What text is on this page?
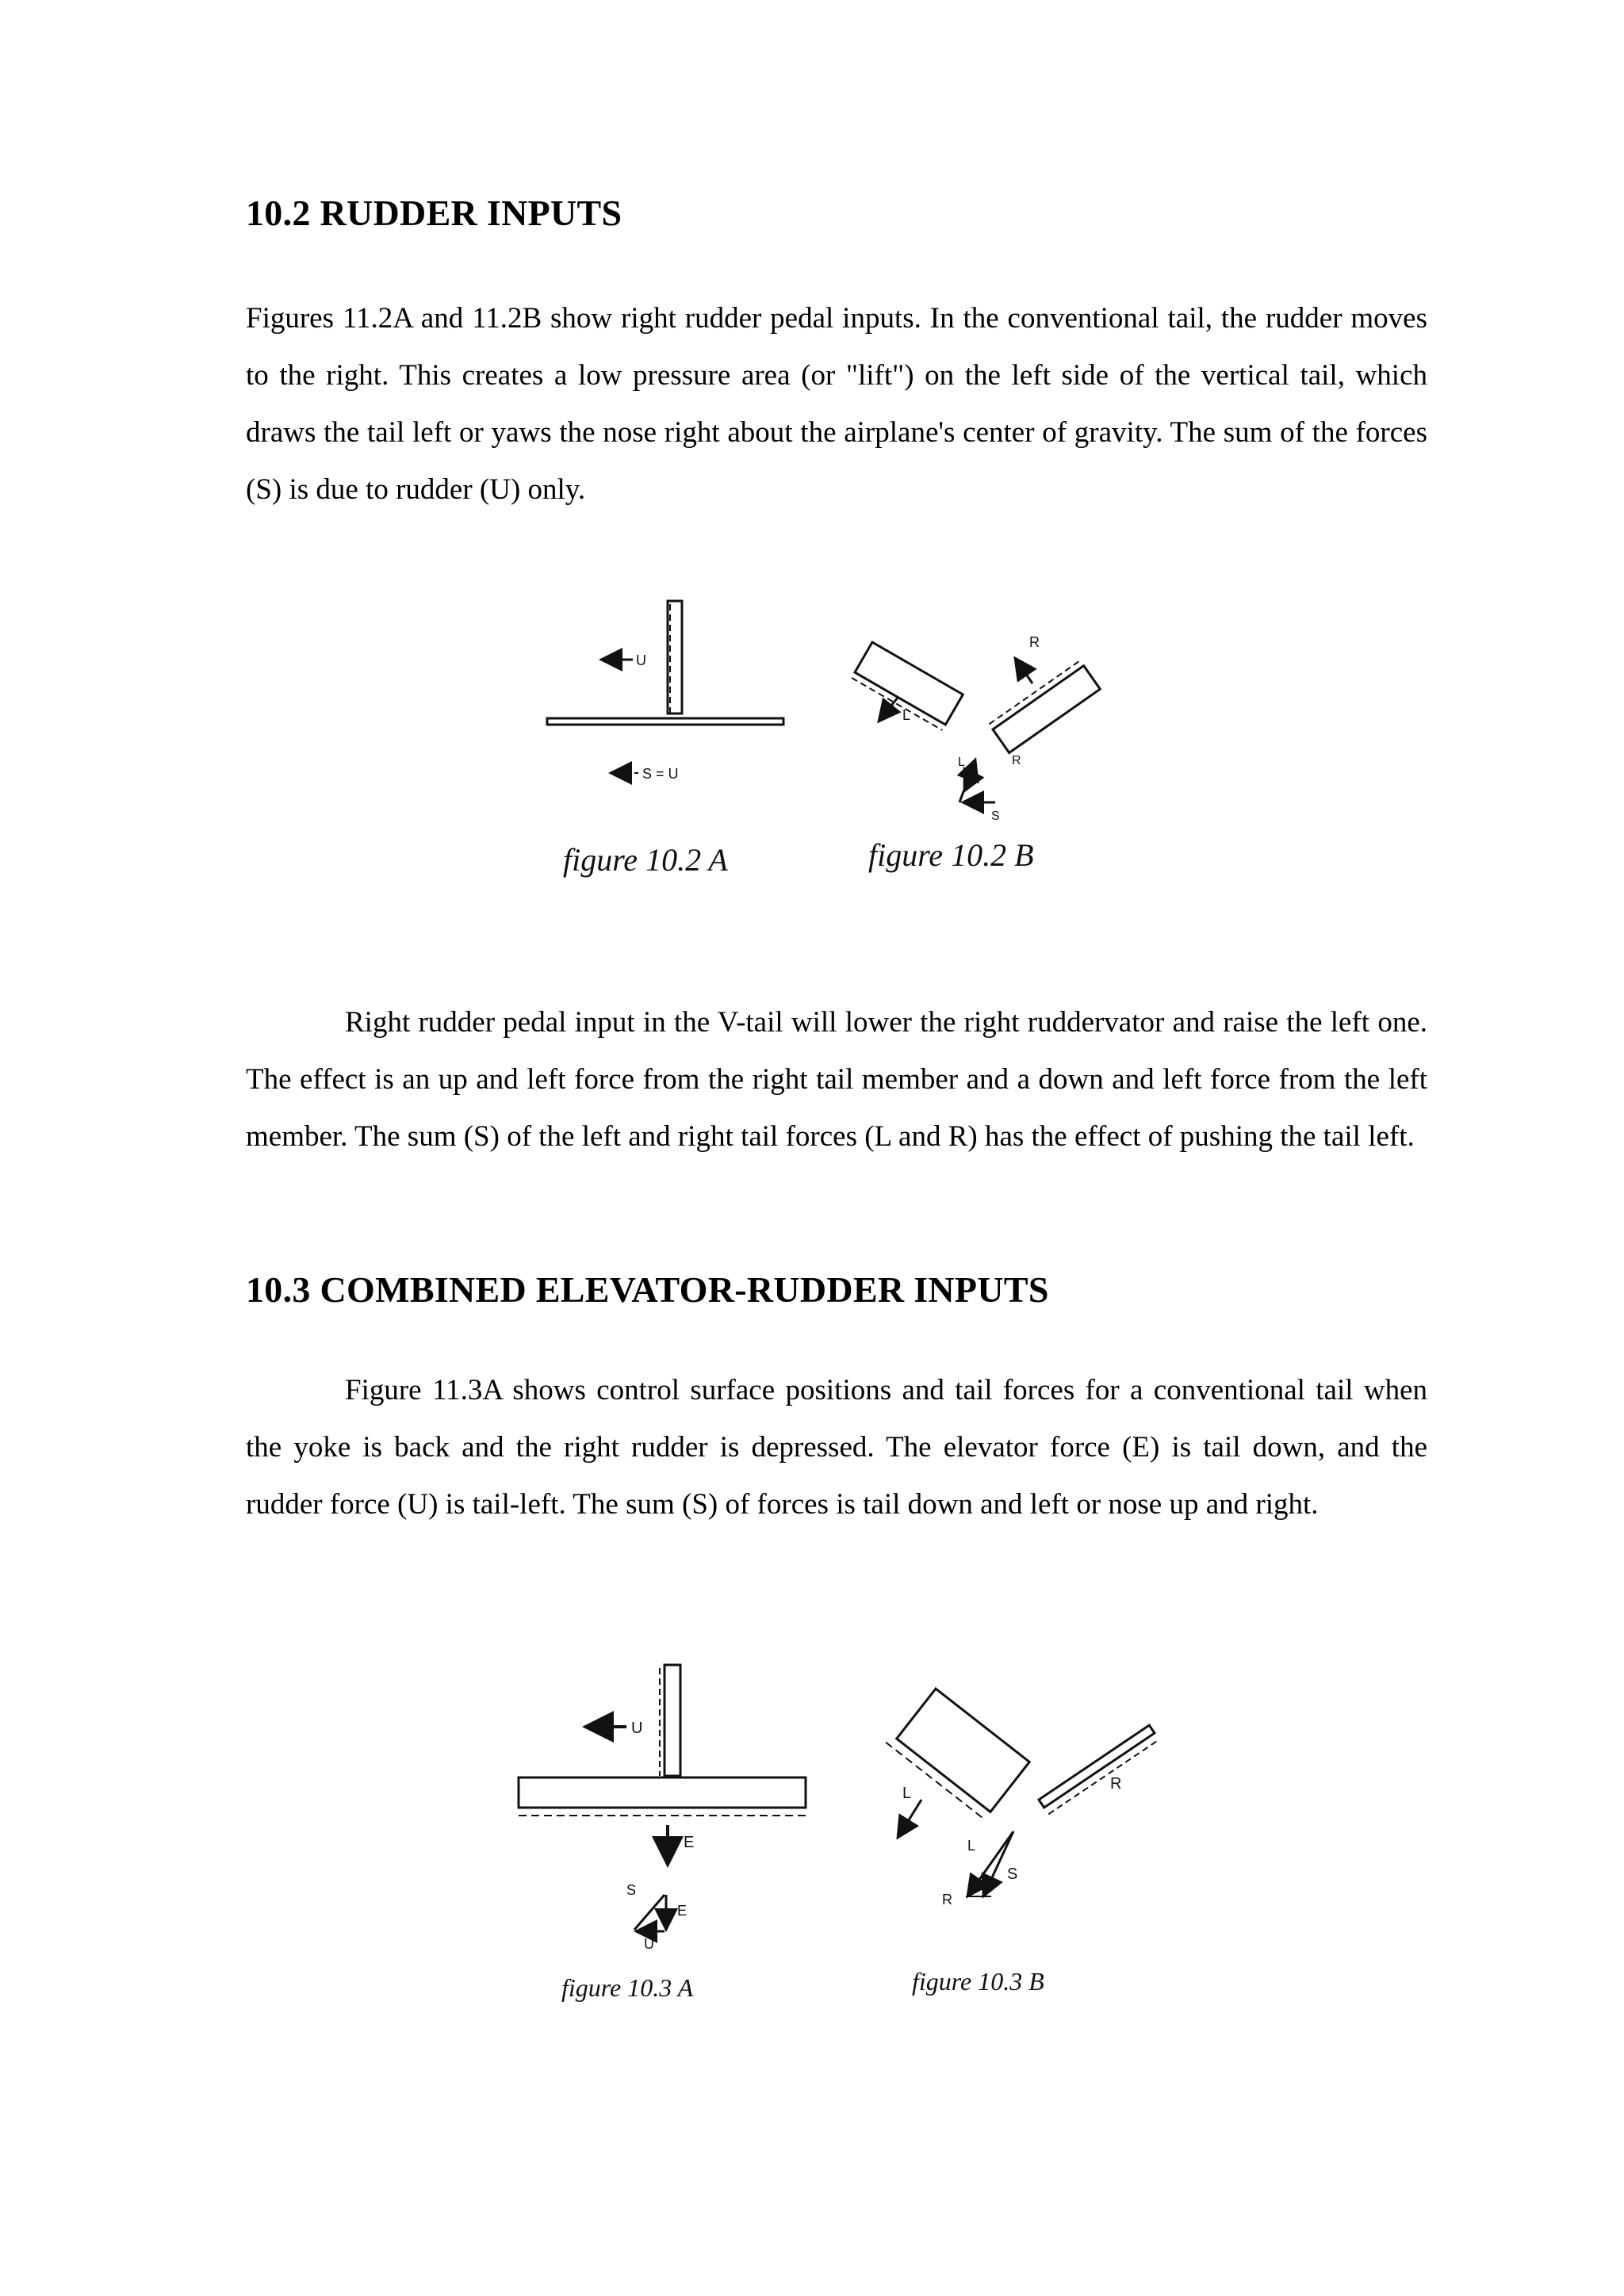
10.2 RUDDER INPUTS

Figures 11.2A and 11.2B show right rudder pedal inputs. In the conventional tail, the rudder moves to the right. This creates a low pressure area (or "lift") on the left side of the vertical tail, which draws the tail left or yaws the nose right about the airplane's center of gravity. The sum of the forces (S) is due to rudder (U) only.

U
S = U
figure 10.2 A
L
R
L	R
S
figure 10.2 B

Right rudder pedal input in the V-tail will lower the right ruddervator and raise the left one. The effect is an up and left force from the right tail member and a down and left force from the left member. The sum (S) of the left and right tail forces (L and R) has the effect of pushing the tail left.

10.3 COMBINED ELEVATOR-RUDDER INPUTS

Figure 11.3A shows control surface positions and tail forces for a conventional tail when the yoke is back and the right rudder is depressed. The elevator force (E) is tail down, and the rudder force (U) is tail-left. The sum (S) of forces is tail down and left or nose up and right.

U
E
S
E
U
figure 10.3 A
L
R
L
S
R
figure 10.3 B
